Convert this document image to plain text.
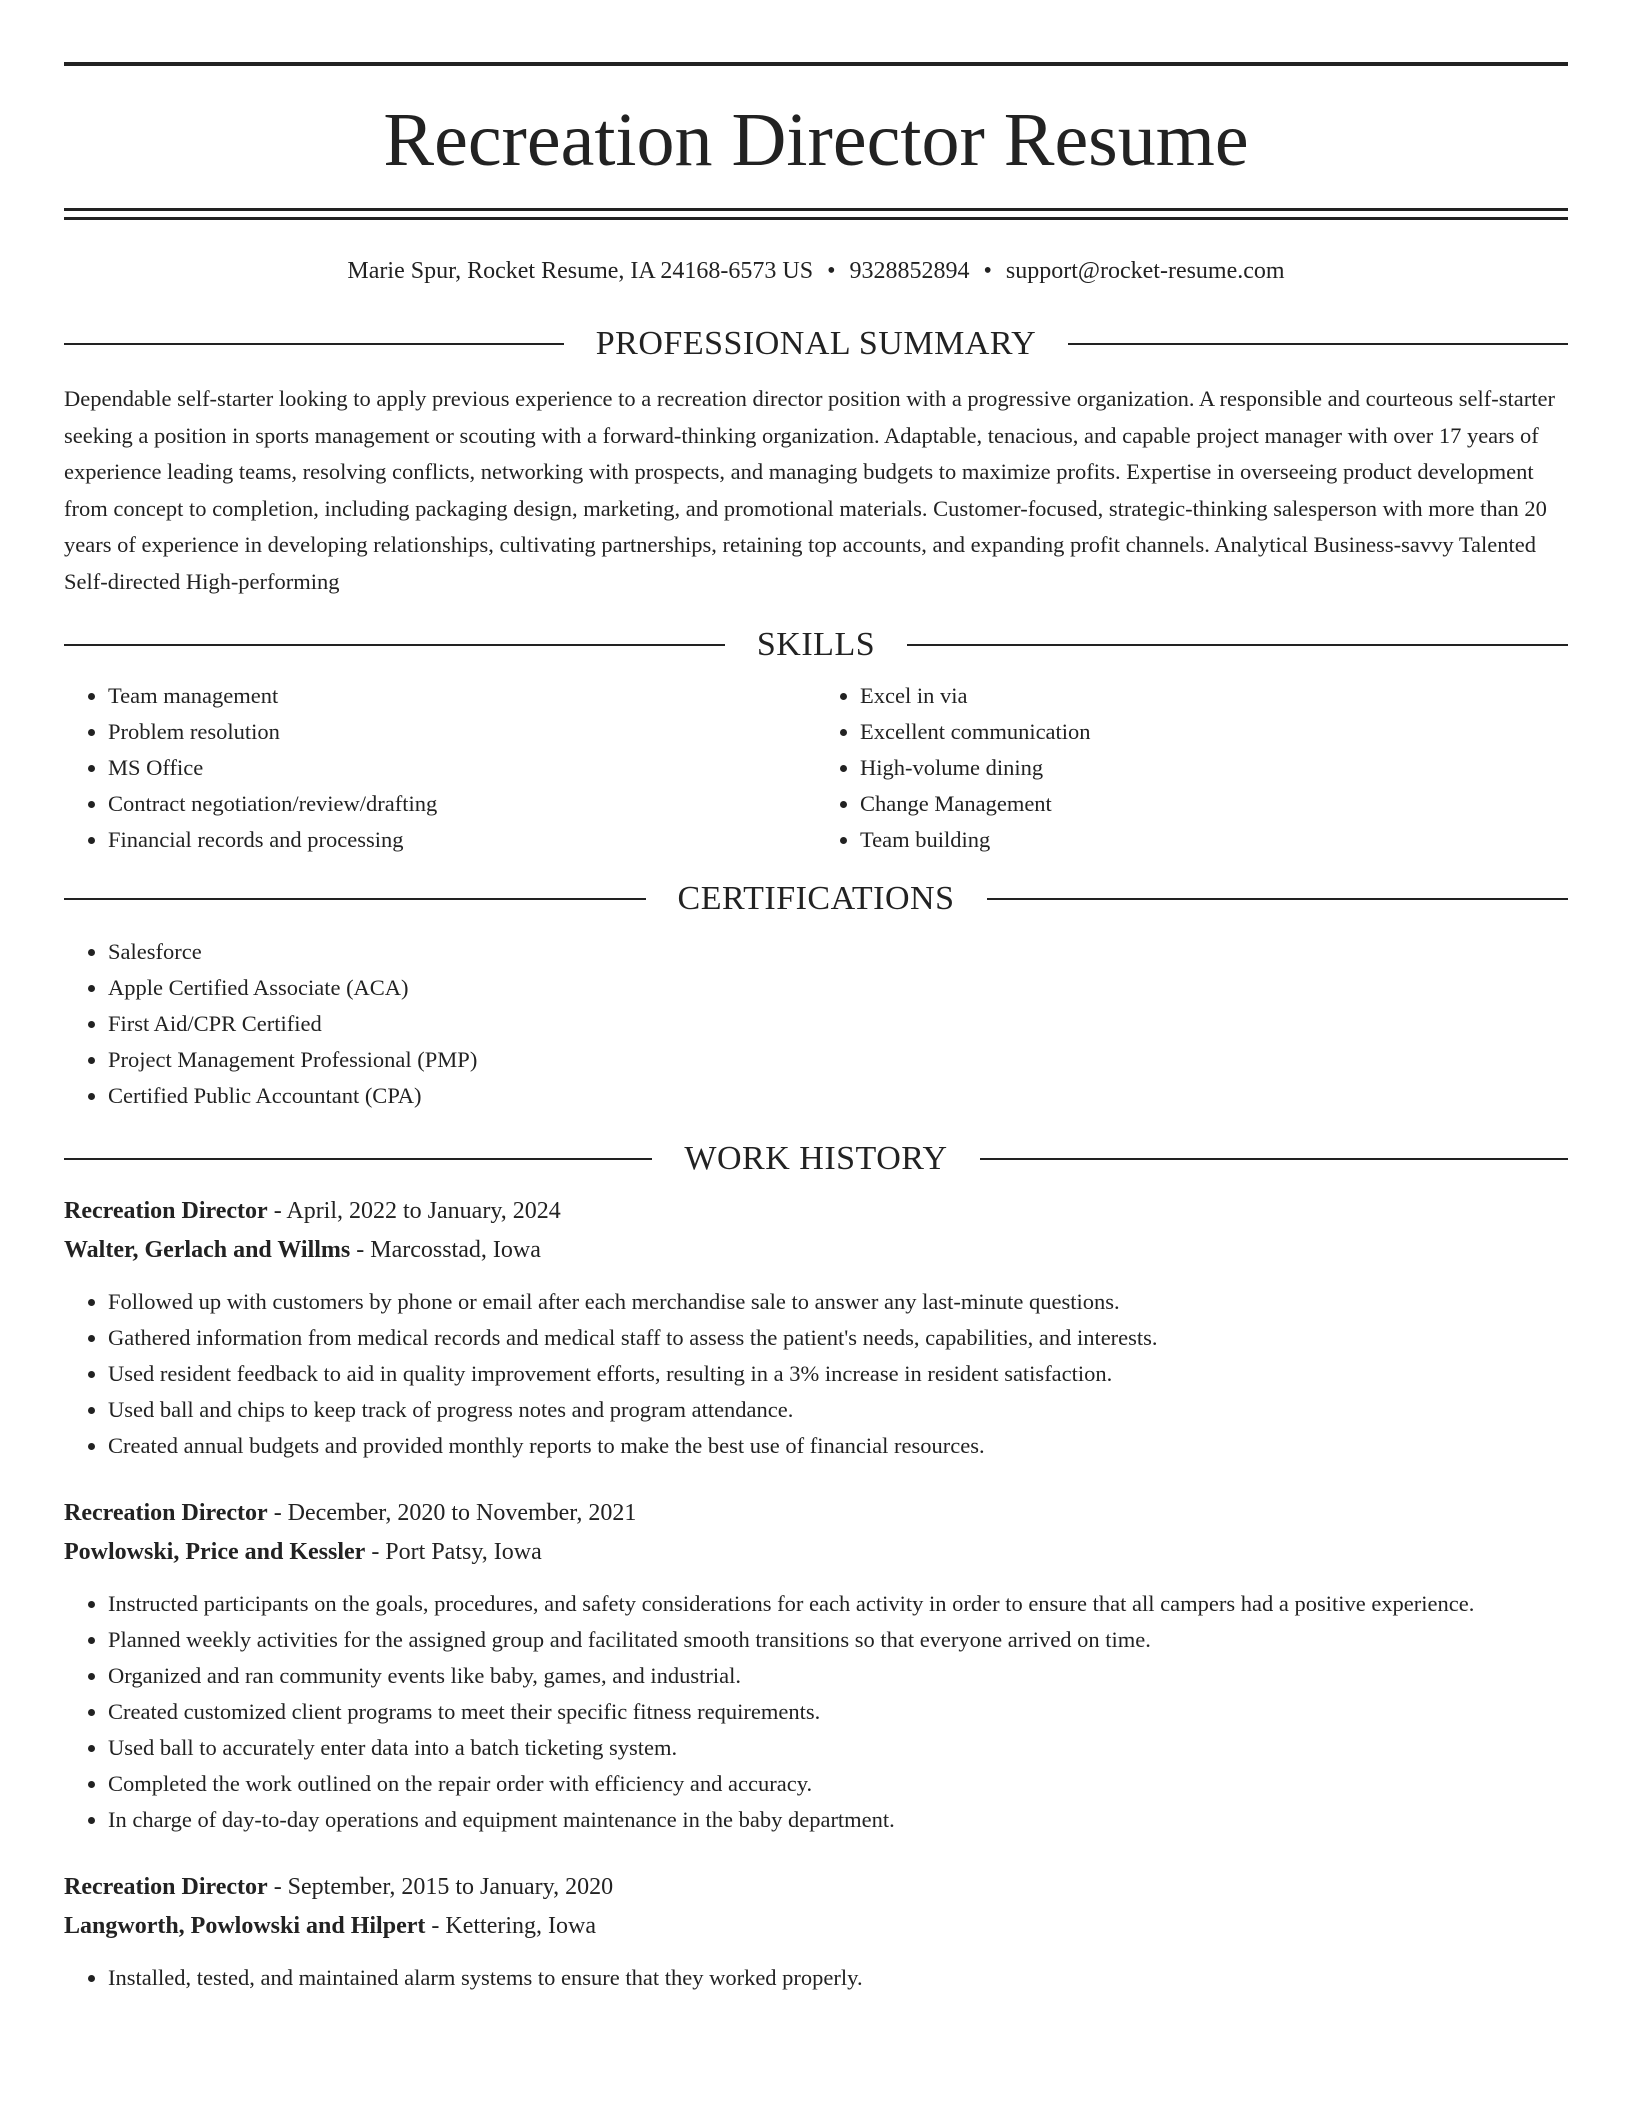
Recreation Director Resume

Marie Spur, Rocket Resume, IA 24168-6573 US • 9328852894 • support@rocket-resume.com

PROFESSIONAL SUMMARY

Dependable self-starter looking to apply previous experience to a recreation director position with a progressive organization. A responsible and courteous self-starter seeking a position in sports management or scouting with a forward-thinking organization. Adaptable, tenacious, and capable project manager with over 17 years of experience leading teams, resolving conflicts, networking with prospects, and managing budgets to maximize profits. Expertise in overseeing product development from concept to completion, including packaging design, marketing, and promotional materials. Customer-focused, strategic-thinking salesperson with more than 20 years of experience in developing relationships, cultivating partnerships, retaining top accounts, and expanding profit channels. Analytical Business-savvy Talented Self-directed High-performing

SKILLS
• Team management
• Problem resolution
• MS Office
• Contract negotiation/review/drafting
• Financial records and processing
• Excel in via
• Excellent communication
• High-volume dining
• Change Management
• Team building
CERTIFICATIONS
• Salesforce
• Apple Certified Associate (ACA)
• First Aid/CPR Certified
• Project Management Professional (PMP)
• Certified Public Accountant (CPA)
WORK HISTORY
Recreation Director - April, 2022 to January, 2024
Walter, Gerlach and Willms - Marcosstad, Iowa
• Followed up with customers by phone or email after each merchandise sale to answer any last-minute questions.
• Gathered information from medical records and medical staff to assess the patient's needs, capabilities, and interests.
• Used resident feedback to aid in quality improvement efforts, resulting in a 3% increase in resident satisfaction.
• Used ball and chips to keep track of progress notes and program attendance.
• Created annual budgets and provided monthly reports to make the best use of financial resources.
Recreation Director - December, 2020 to November, 2021
Powlowski, Price and Kessler - Port Patsy, Iowa
• Instructed participants on the goals, procedures, and safety considerations for each activity in order to ensure that all campers had a positive experience.
• Planned weekly activities for the assigned group and facilitated smooth transitions so that everyone arrived on time.
• Organized and ran community events like baby, games, and industrial.
• Created customized client programs to meet their specific fitness requirements.
• Used ball to accurately enter data into a batch ticketing system.
• Completed the work outlined on the repair order with efficiency and accuracy.
• In charge of day-to-day operations and equipment maintenance in the baby department.
Recreation Director - September, 2015 to January, 2020
Langworth, Powlowski and Hilpert - Kettering, Iowa
• Installed, tested, and maintained alarm systems to ensure that they worked properly.
